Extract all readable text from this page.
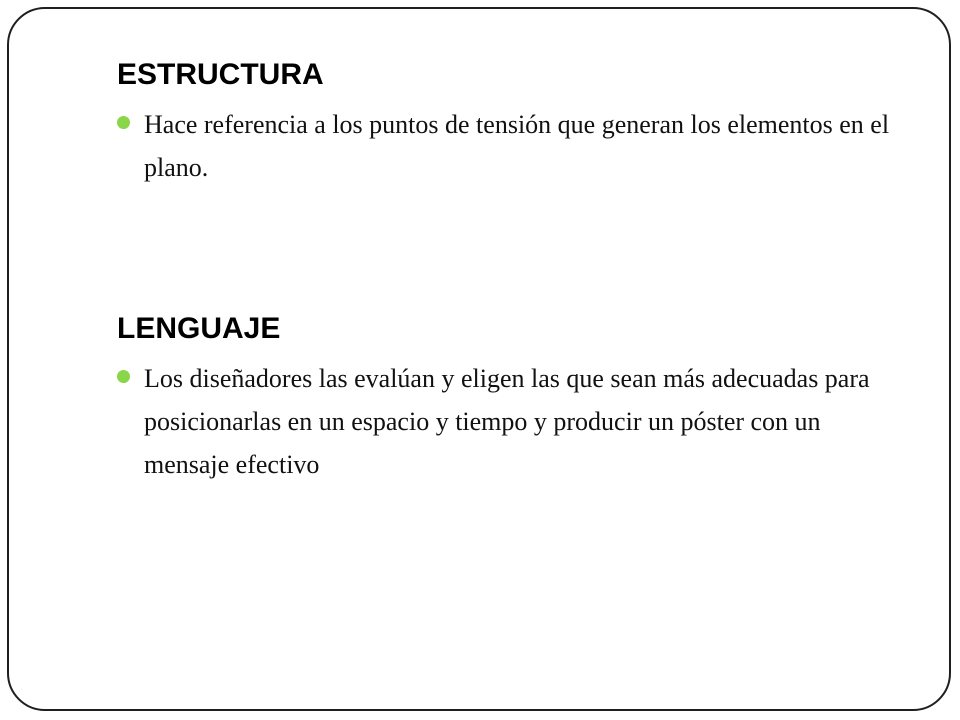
ESTRUCTURA
Hace referencia a los puntos de tensión que generan los elementos en el plano.
LENGUAJE
Los diseñadores las evalúan y eligen las que sean más adecuadas para posicionarlas en un espacio y tiempo y producir un póster con un mensaje efectivo
